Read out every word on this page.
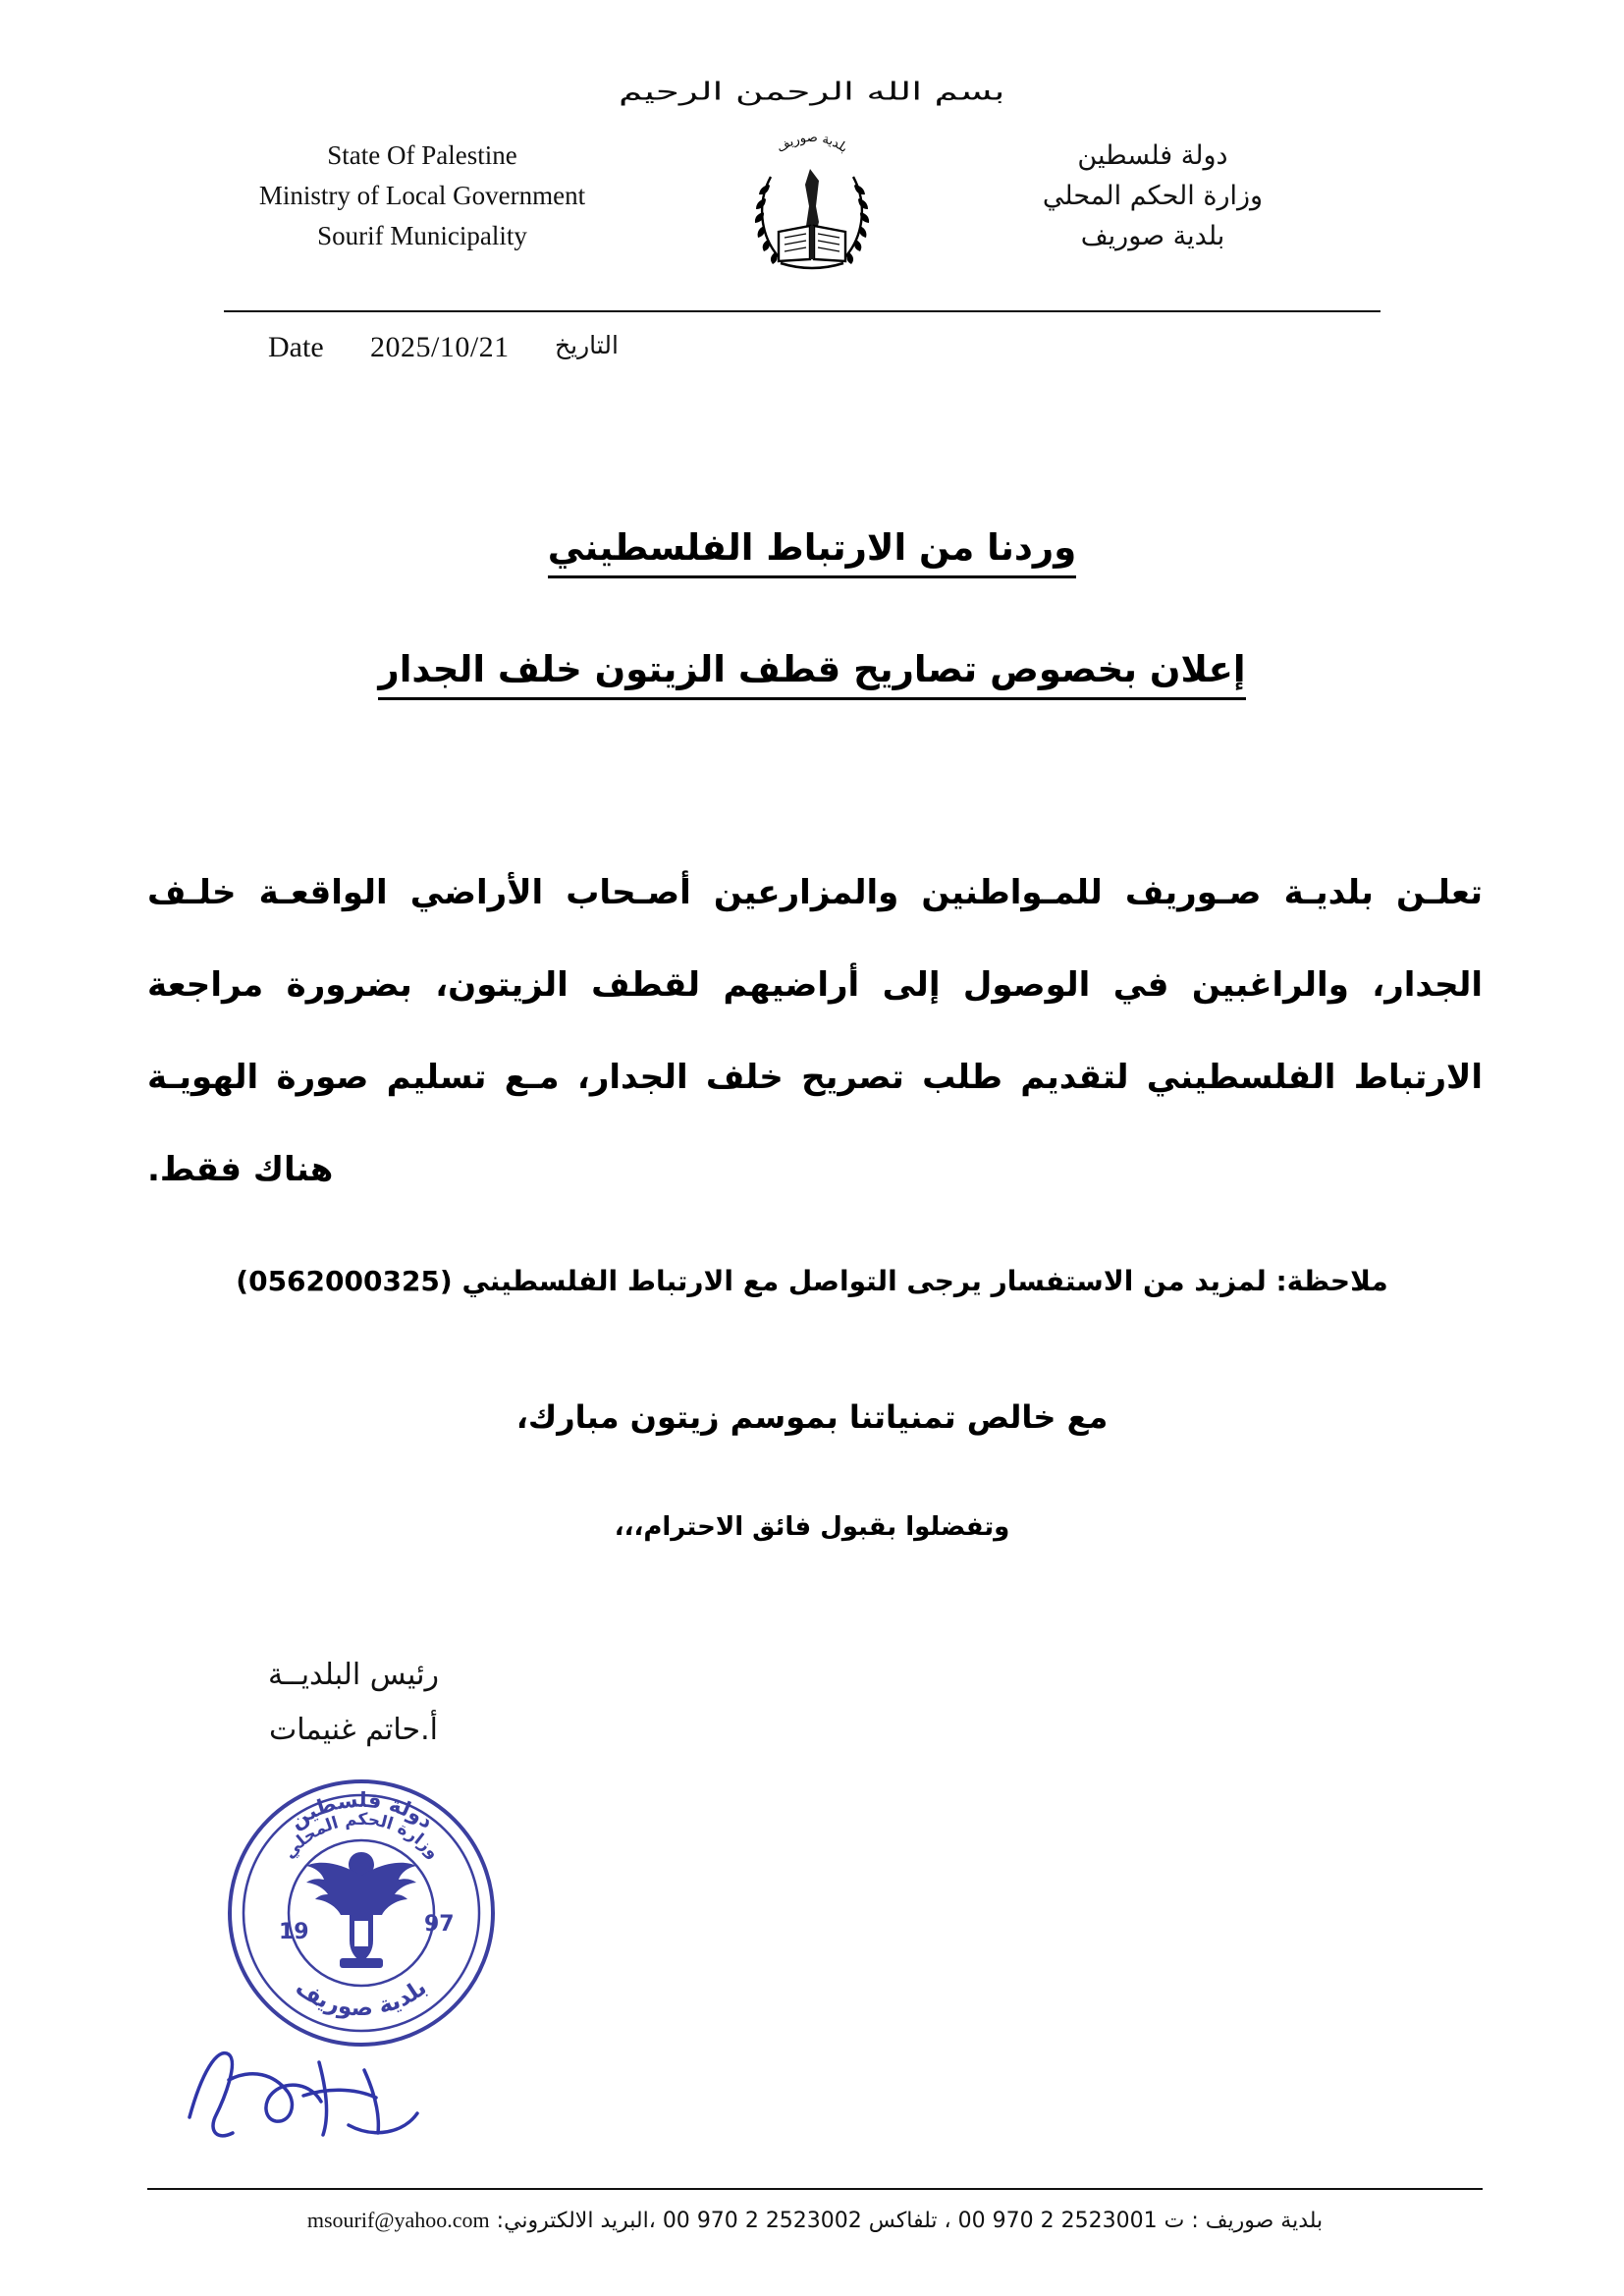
بسم الله الرحمن الرحيم
State Of Palestine
Ministry of Local Government
Sourif Municipality
دولة فلسطين
وزارة الحكم المحلي
بلدية صوريف
بلدية صوريف
Date 2025/10/21 التاريخ
وردنا من الارتباط الفلسطيني
إعلان بخصوص تصاريح قطف الزيتون خلف الجدار
تعلـن بلديـة صـوريف للمـواطنين والمزارعين أصـحاب الأراضي الواقعـة خلـف
الجدار، والراغبين في الوصول إلى أراضيهم لقطف الزيتون، بضرورة مراجعة
الارتباط الفلسطيني لتقديم طلب تصريح خلف الجدار، مـع تسليم صورة الهويـة
هناك فقط.
ملاحظة: لمزيد من الاستفسار يرجى التواصل مع الارتباط الفلسطيني (0562000325)
مع خالص تمنياتنا بموسم زيتون مبارك،
وتفضلوا بقبول فائق الاحترام،،،
رئيس البلديــة
أ.حاتم غنيمات
دولة فلسطين
وزارة الحكم المحلي
بلدية صوريف
19	97
بلدية صوريف : ت 2523001 2 970 00 ، تلفاكس 2523002 2 970 00 ،البريد الالكتروني: msourif@yahoo.com
